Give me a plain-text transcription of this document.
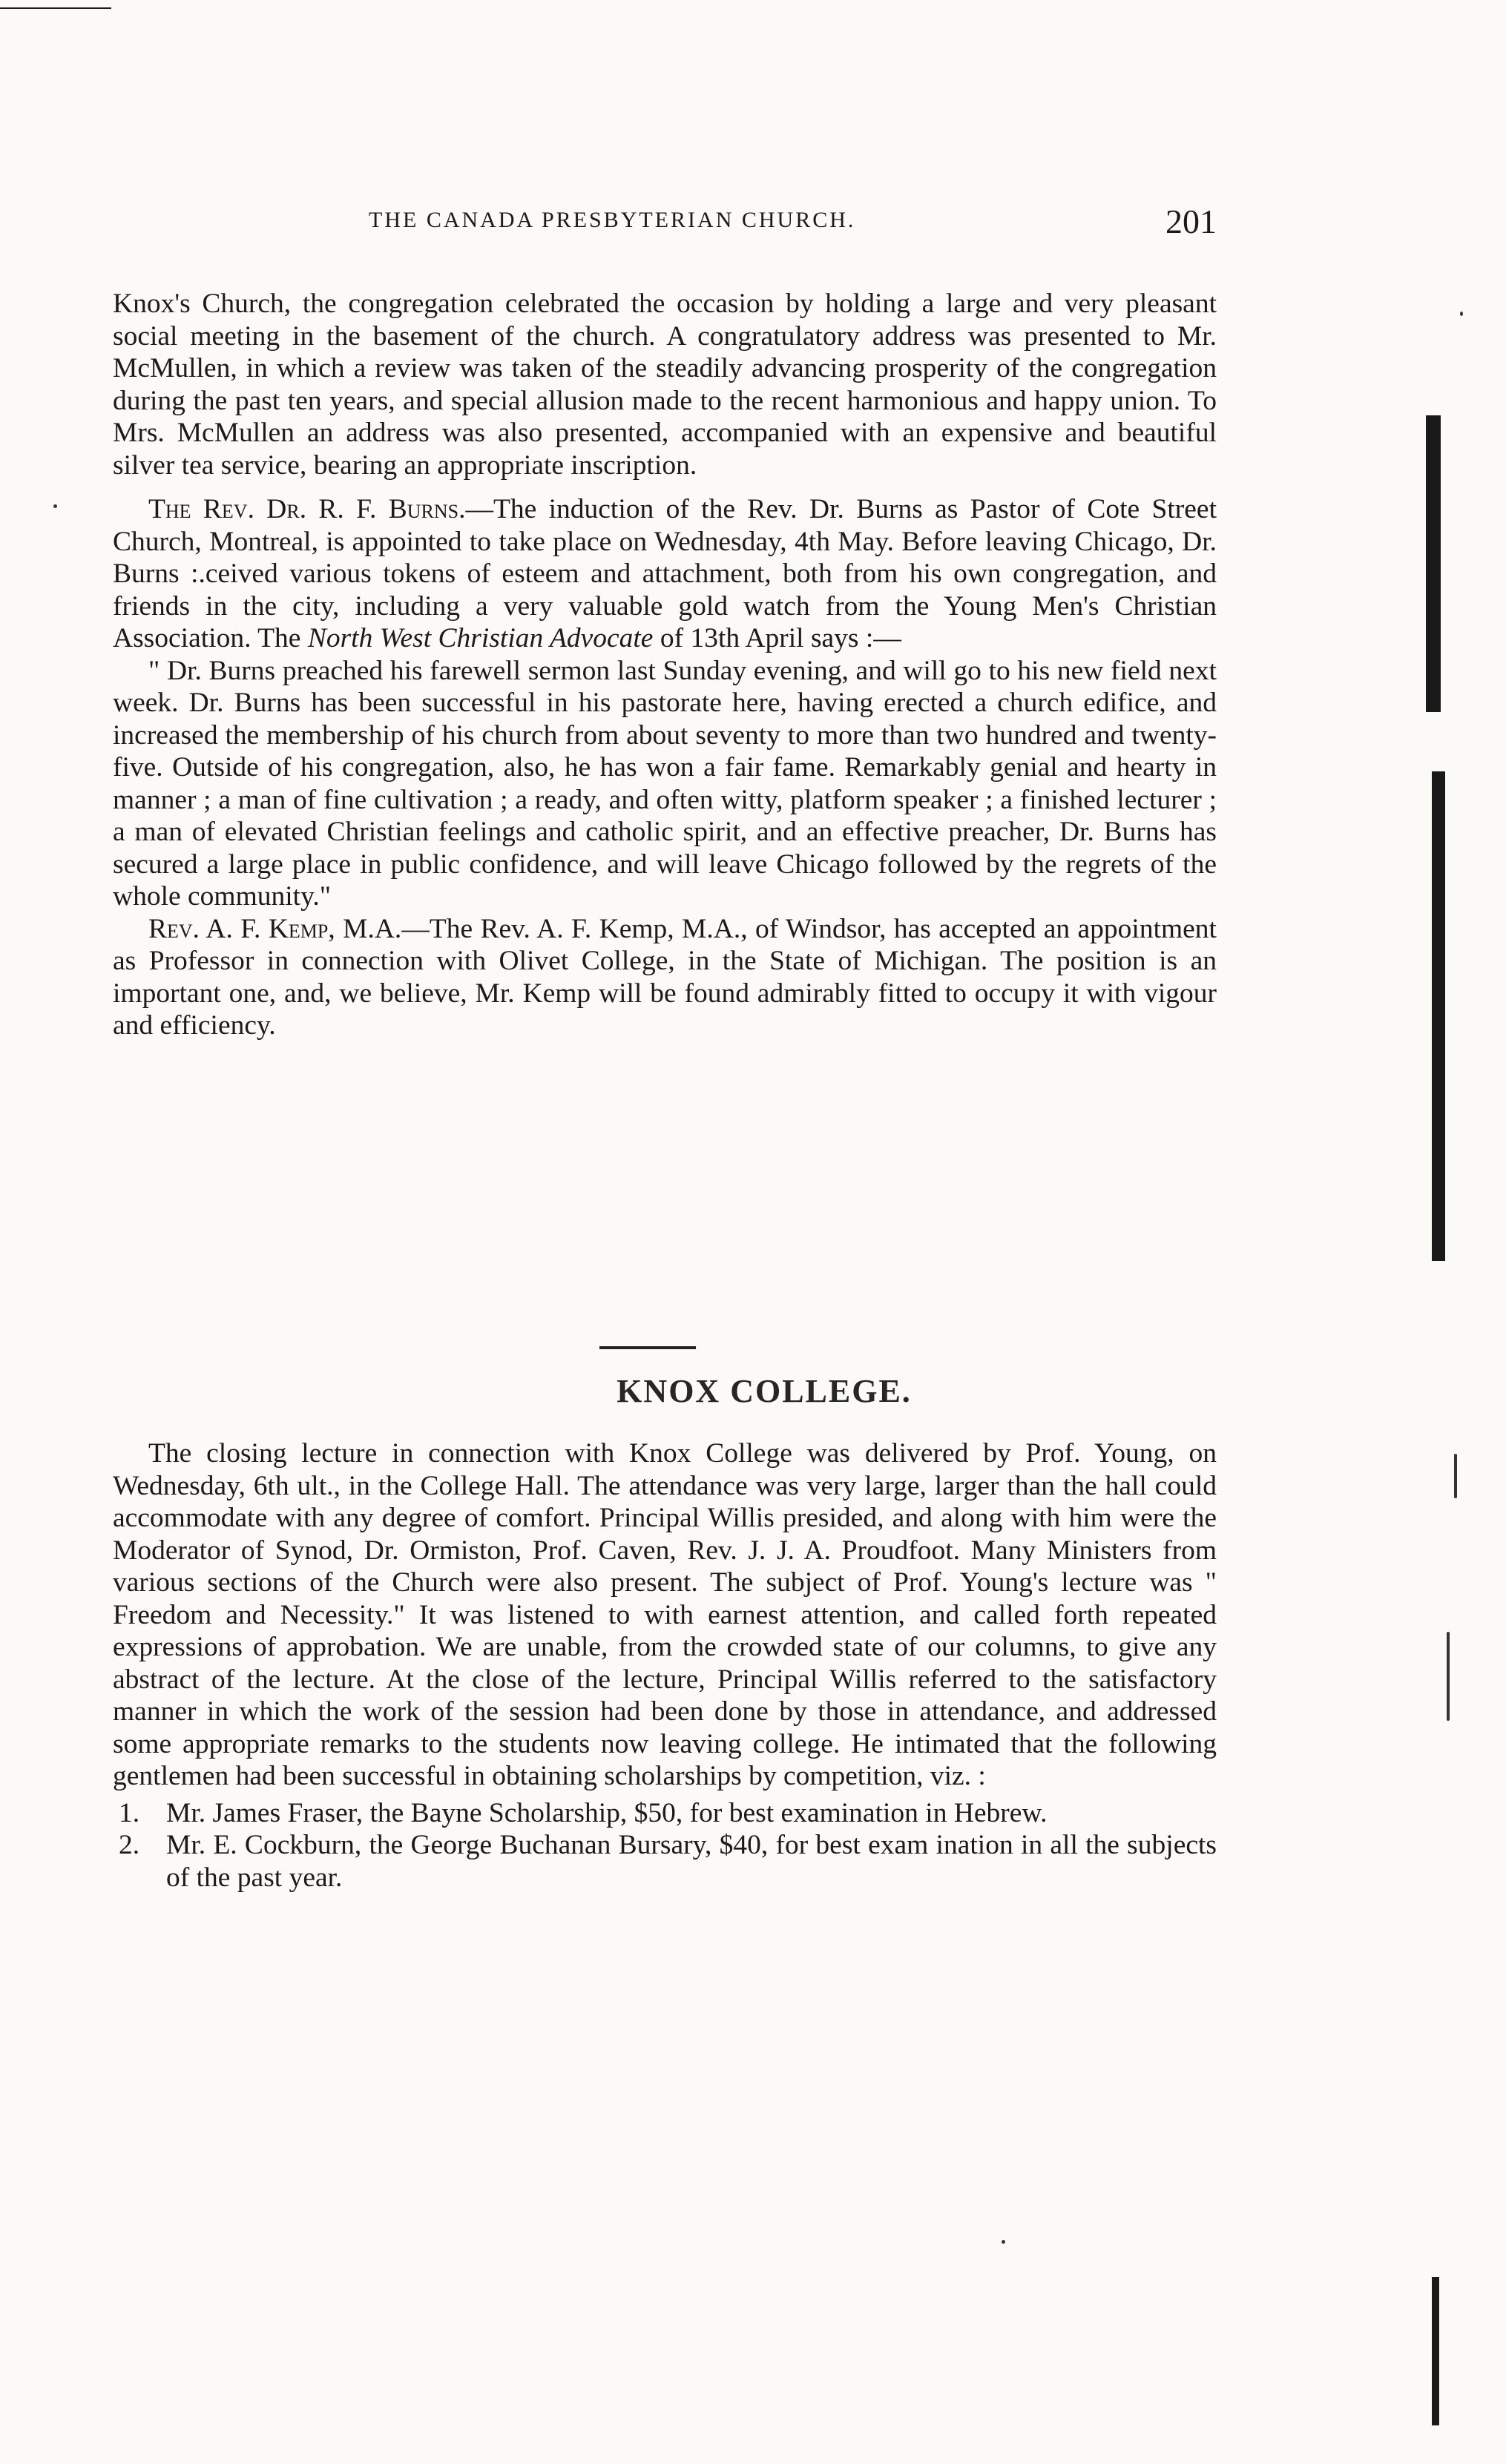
THE CANADA PRESBYTERIAN CHURCH.	201

Knox's Church, the congregation celebrated the occasion by holding a large and very pleasant social meeting in the basement of the church. A congratulatory address was presented to Mr. McMullen, in which a review was taken of the steadily advancing prosperity of the congregation during the past ten years, and special allusion made to the recent harmonious and happy union. To Mrs. McMullen an address was also presented, accompanied with an expensive and beautiful silver tea service, bearing an appropriate inscription.

The Rev. Dr. R. F. Burns.—The induction of the Rev. Dr. Burns as Pastor of Cote Street Church, Montreal, is appointed to take place on Wednesday, 4th May. Before leaving Chicago, Dr. Burns :.ceived various tokens of esteem and attachment, both from his own congregation, and friends in the city, including a very valuable gold watch from the Young Men's Christian Association. The North West Christian Advocate of 13th April says :—

" Dr. Burns preached his farewell sermon last Sunday evening, and will go to his new field next week. Dr. Burns has been successful in his pastorate here, having erected a church edifice, and increased the membership of his church from about seventy to more than two hundred and twenty-five. Outside of his congregation, also, he has won a fair fame. Remarkably genial and hearty in manner ; a man of fine cultivation ; a ready, and often witty, platform speaker ; a finished lecturer ; a man of elevated Christian feelings and catholic spirit, and an effective preacher, Dr. Burns has secured a large place in public confidence, and will leave Chicago followed by the regrets of the whole community."

Rev. A. F. Kemp, M.A.—The Rev. A. F. Kemp, M.A., of Windsor, has accepted an appointment as Professor in connection with Olivet College, in the State of Michigan. The position is an important one, and, we believe, Mr. Kemp will be found admirably fitted to occupy it with vigour and efficiency.

KNOX COLLEGE.

The closing lecture in connection with Knox College was delivered by Prof. Young, on Wednesday, 6th ult., in the College Hall. The attendance was very large, larger than the hall could accommodate with any degree of comfort. Principal Willis presided, and along with him were the Moderator of Synod, Dr. Ormiston, Prof. Caven, Rev. J. J. A. Proudfoot. Many Ministers from various sections of the Church were also present. The subject of Prof. Young's lecture was " Freedom and Necessity." It was listened to with earnest attention, and called forth repeated expressions of approbation. We are unable, from the crowded state of our columns, to give any abstract of the lecture. At the close of the lecture, Principal Willis referred to the satisfactory manner in which the work of the session had been done by those in attendance, and addressed some appropriate remarks to the students now leaving college. He intimated that the following gentlemen had been successful in obtaining scholarships by competition, viz. :

1. Mr. James Fraser, the Bayne Scholarship, $50, for best examination in Hebrew.
2. Mr. E. Cockburn, the George Buchanan Bursary, $40, for best exam ination in all the subjects of the past year.
